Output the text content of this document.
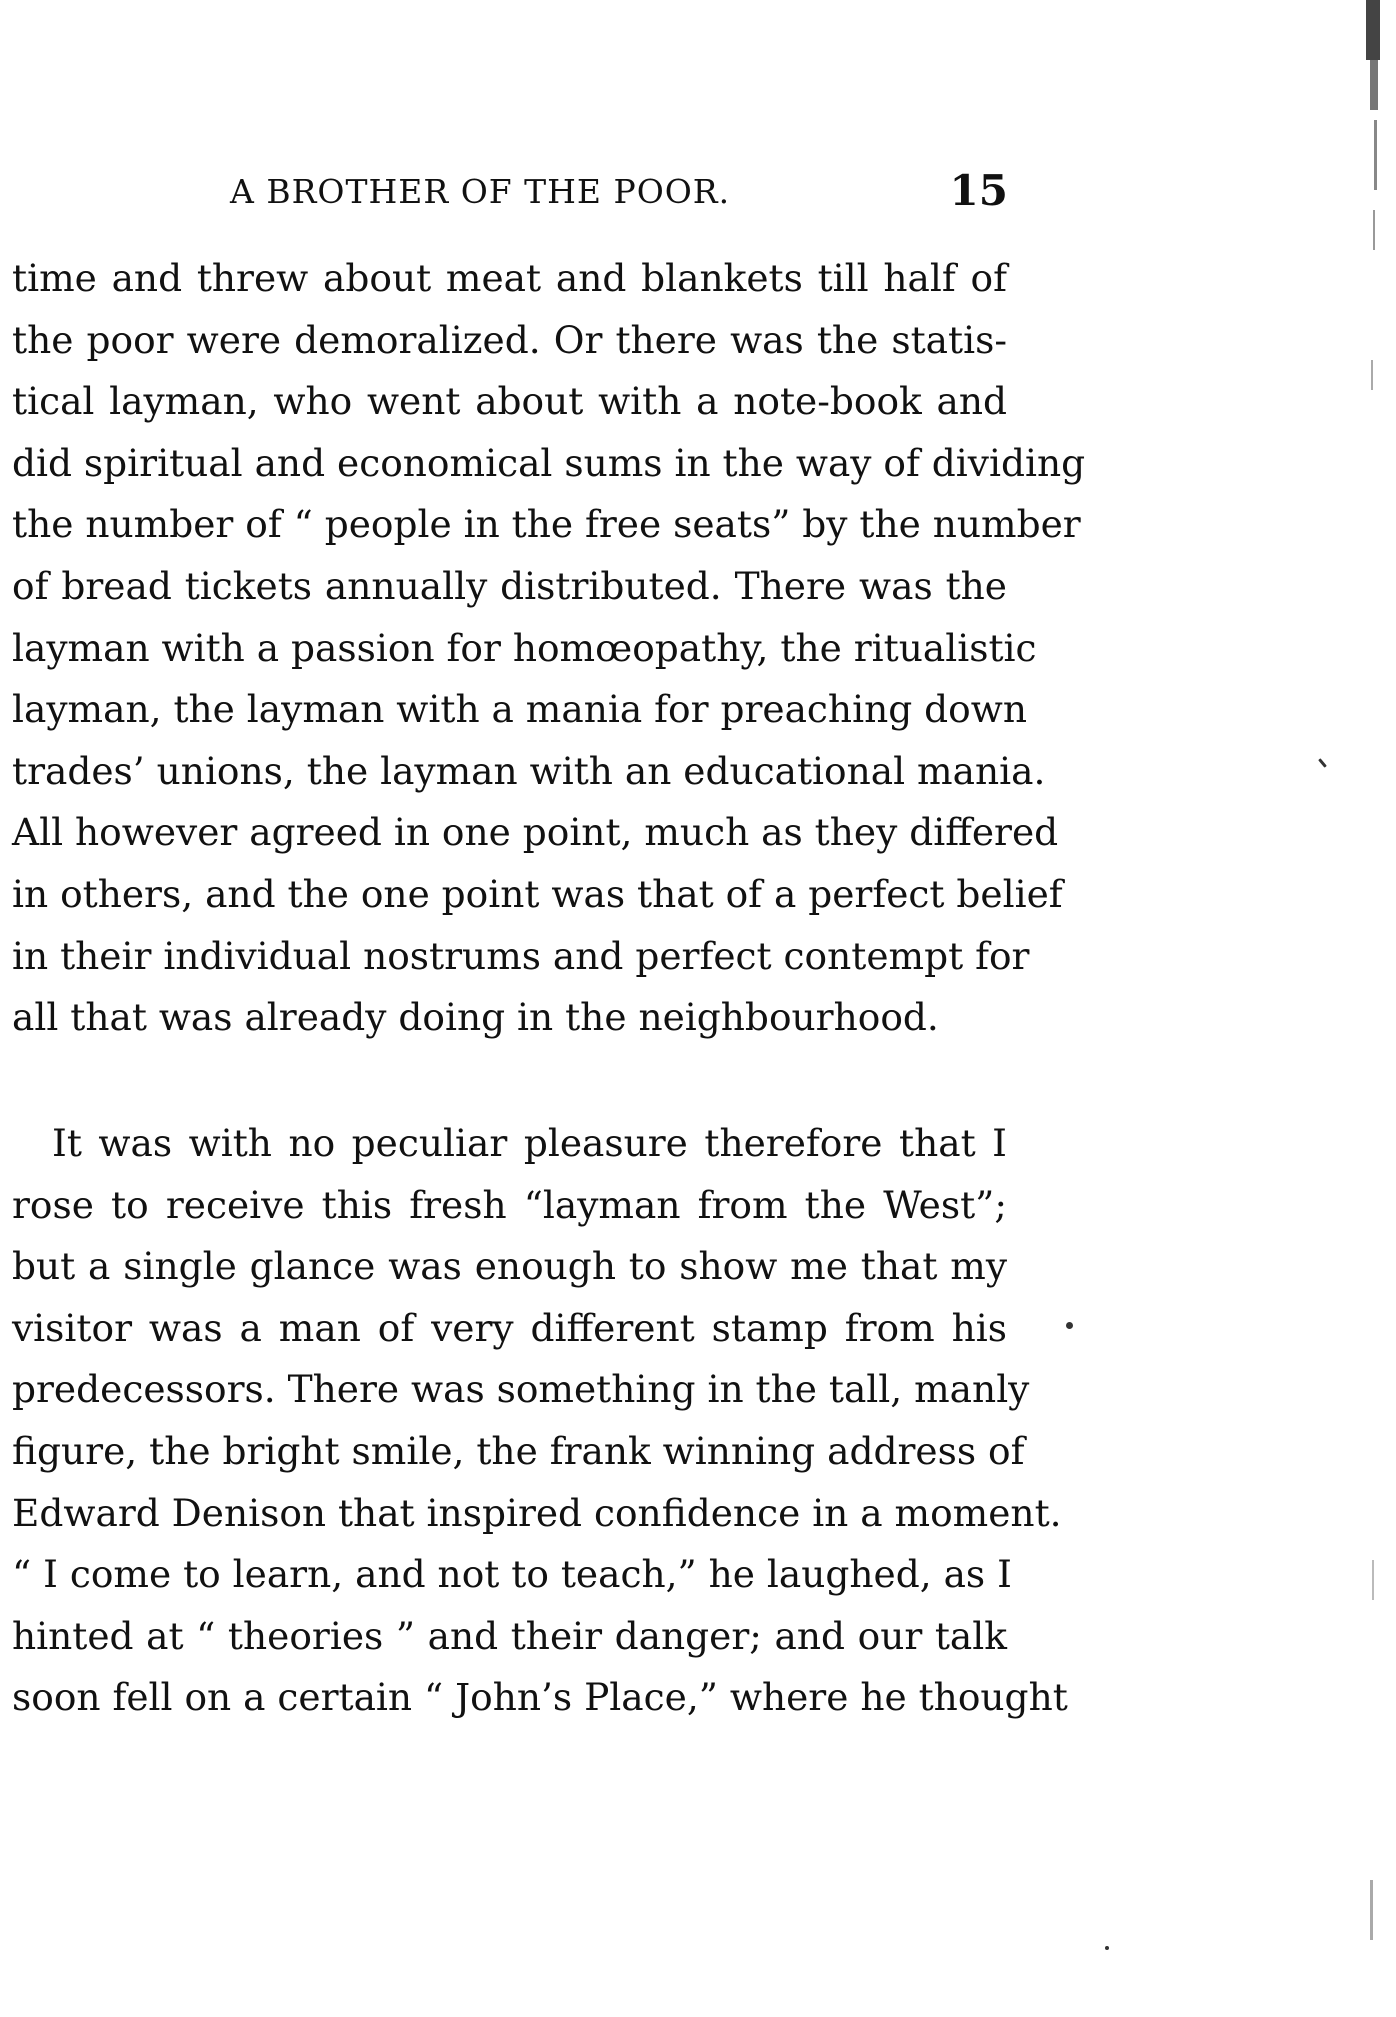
A BROTHER OF THE POOR.	15
time and threw about meat and blankets till half of
the poor were demoralized. Or there was the statis-
tical layman, who went about with a note-book and
did spiritual and economical sums in the way of dividing
the number of “ people in the free seats” by the number
of bread tickets annually distributed. There was the
layman with a passion for homœopathy, the ritualistic
layman, the layman with a mania for preaching down
trades’ unions, the layman with an educational mania.
All however agreed in one point, much as they differed
in others, and the one point was that of a perfect belief
in their individual nostrums and perfect contempt for
all that was already doing in the neighbourhood.
It was with no peculiar pleasure therefore that I
rose to receive this fresh “layman from the West”;
but a single glance was enough to show me that my
visitor was a man of very different stamp from his
predecessors. There was something in the tall, manly
figure, the bright smile, the frank winning address of
Edward Denison that inspired confidence in a moment.
“ I come to learn, and not to teach,” he laughed, as I
hinted at “ theories ” and their danger; and our talk
soon fell on a certain “ John’s Place,” where he thought
